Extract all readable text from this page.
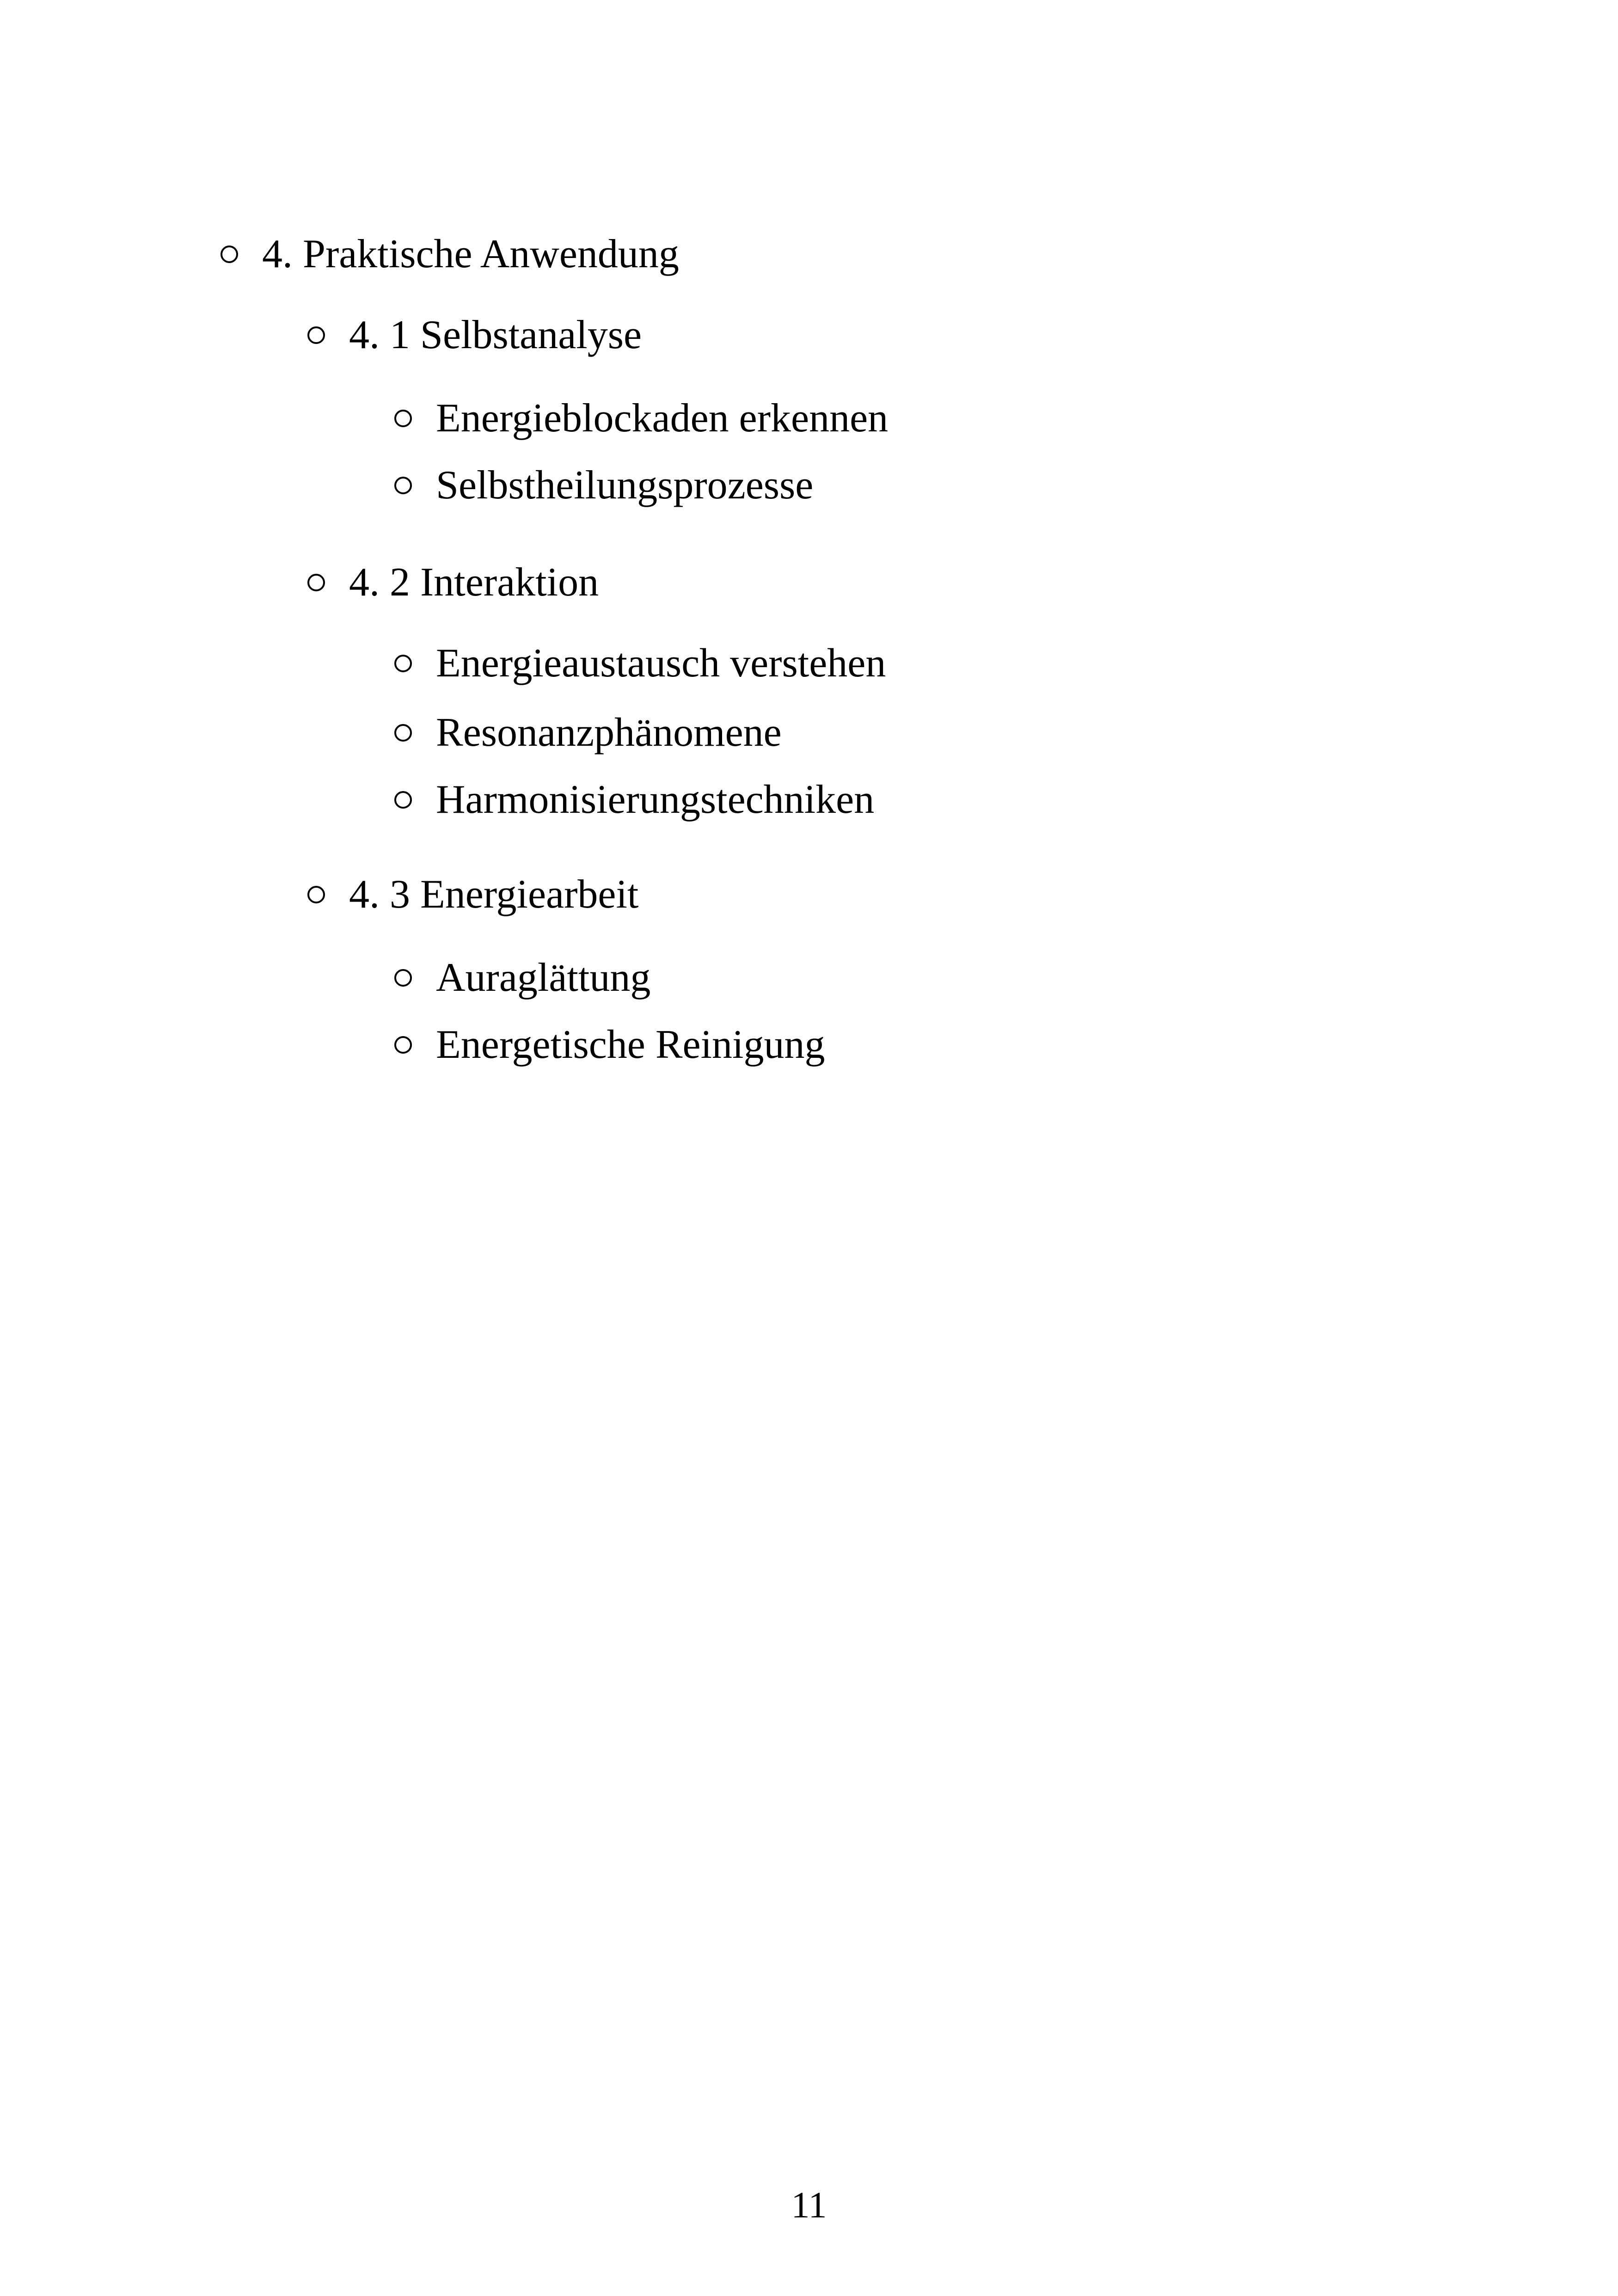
4. Praktische Anwendung
4. 1 Selbstanalyse
Energieblockaden erkennen
Selbstheilungsprozesse
4. 2 Interaktion
Energieaustausch verstehen
Resonanzphänomene
Harmonisierungstechniken
4. 3 Energiearbeit
Auraglättung
Energetische Reinigung
11
